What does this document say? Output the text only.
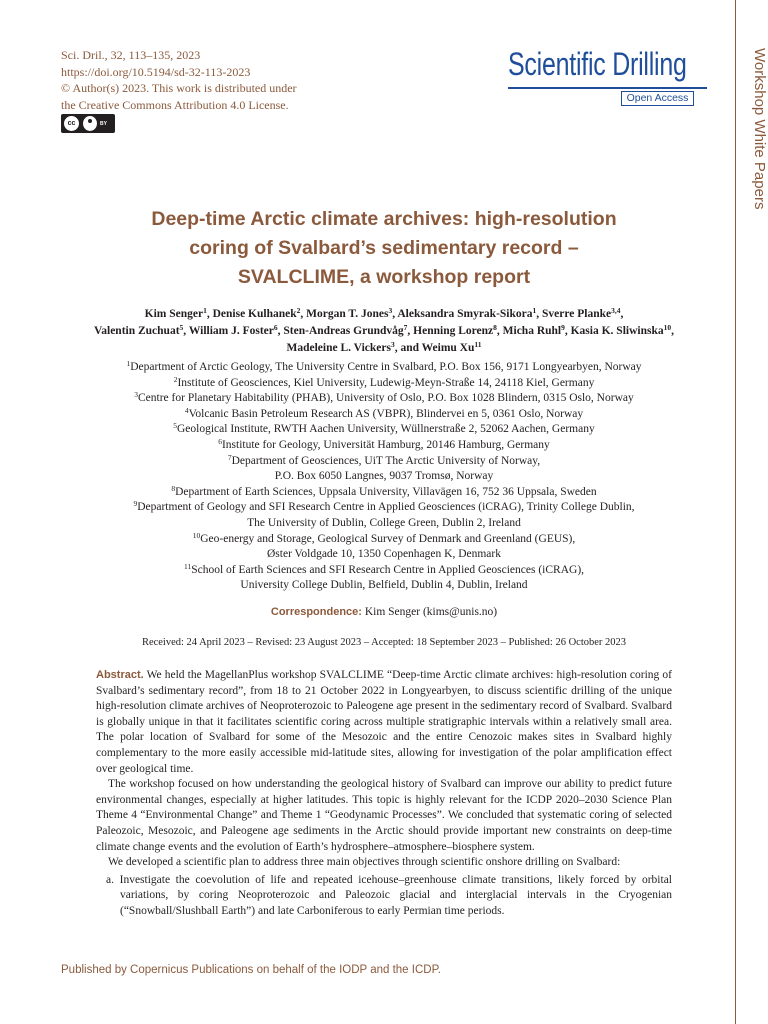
Sci. Dril., 32, 113–135, 2023
https://doi.org/10.5194/sd-32-113-2023
© Author(s) 2023. This work is distributed under
the Creative Commons Attribution 4.0 License.
cc	BY
Scientific Drilling
Open Access	Workshop White Papers
Deep-time Arctic climate archives: high-resolution
coring of Svalbard’s sedimentary record –
SVALCLIME, a workshop report
Kim Senger$^1$, Denise Kulhanek$^2$, Morgan T. Jones$^3$, Aleksandra Smyrak-Sikora$^1$, Sverre Planke$^{3,4}$,
Valentin Zuchuat$^5$, William J. Foster$^6$, Sten-Andreas Grundvåg$^7$, Henning Lorenz$^8$, Micha Ruhl$^9$, Kasia K. Sliwinska$^{10}$,
Madeleine L. Vickers$^3$, and Weimu Xu$^{11}$
$^1$Department of Arctic Geology, The University Centre in Svalbard, P.O. Box 156, 9171 Longyearbyen, Norway
$^2$Institute of Geosciences, Kiel University, Ludewig-Meyn-Straße 14, 24118 Kiel, Germany
$^3$Centre for Planetary Habitability (PHAB), University of Oslo, P.O. Box 1028 Blindern, 0315 Oslo, Norway
$^4$Volcanic Basin Petroleum Research AS (VBPR), Blindervei en 5, 0361 Oslo, Norway
$^5$Geological Institute, RWTH Aachen University, Wüllnerstraße 2, 52062 Aachen, Germany
$^6$Institute for Geology, Universität Hamburg, 20146 Hamburg, Germany
$^7$Department of Geosciences, UiT The Arctic University of Norway,
P.O. Box 6050 Langnes, 9037 Tromsø, Norway
$^8$Department of Earth Sciences, Uppsala University, Villavägen 16, 752 36 Uppsala, Sweden
$^9$Department of Geology and SFI Research Centre in Applied Geosciences (iCRAG), Trinity College Dublin,
The University of Dublin, College Green, Dublin 2, Ireland
$^{10}$Geo-energy and Storage, Geological Survey of Denmark and Greenland (GEUS),
Øster Voldgade 10, 1350 Copenhagen K, Denmark
$^{11}$School of Earth Sciences and SFI Research Centre in Applied Geosciences (iCRAG),
University College Dublin, Belfield, Dublin 4, Dublin, Ireland
Correspondence: Kim Senger (kims@unis.no)
Received: 24 April 2023 – Revised: 23 August 2023 – Accepted: 18 September 2023 – Published: 26 October 2023
Abstract. We held the MagellanPlus workshop SVALCLIME “Deep-time Arctic climate archives: high-resolution coring of Svalbard’s sedimentary record”, from 18 to 21 October 2022 in Longyearbyen, to discuss scientific drilling of the unique high-resolution climate archives of Neoproterozoic to Paleogene age present in the sedimentary record of Svalbard. Svalbard is globally unique in that it facilitates scientific coring across multiple stratigraphic intervals within a relatively small area. The polar location of Svalbard for some of the Mesozoic and the entire Cenozoic makes sites in Svalbard highly complementary to the more easily accessible mid-latitude sites, allowing for investigation of the polar amplification effect over geological time.
The workshop focused on how understanding the geological history of Svalbard can improve our ability to predict future environmental changes, especially at higher latitudes. This topic is highly relevant for the ICDP 2020–2030 Science Plan Theme 4 “Environmental Change” and Theme 1 “Geodynamic Processes”. We concluded that systematic coring of selected Paleozoic, Mesozoic, and Paleogene age sediments in the Arctic should provide important new constraints on deep-time climate change events and the evolution of Earth’s hydrosphere–atmosphere–biosphere system.
We developed a scientific plan to address three main objectives through scientific onshore drilling on Svalbard:
a. Investigate the coevolution of life and repeated icehouse–greenhouse climate transitions, likely forced by orbital variations, by coring Neoproterozoic and Paleozoic glacial and interglacial intervals in the Cryogenian (“Snowball/Slushball Earth”) and late Carboniferous to early Permian time periods.
Published by Copernicus Publications on behalf of the IODP and the ICDP.
